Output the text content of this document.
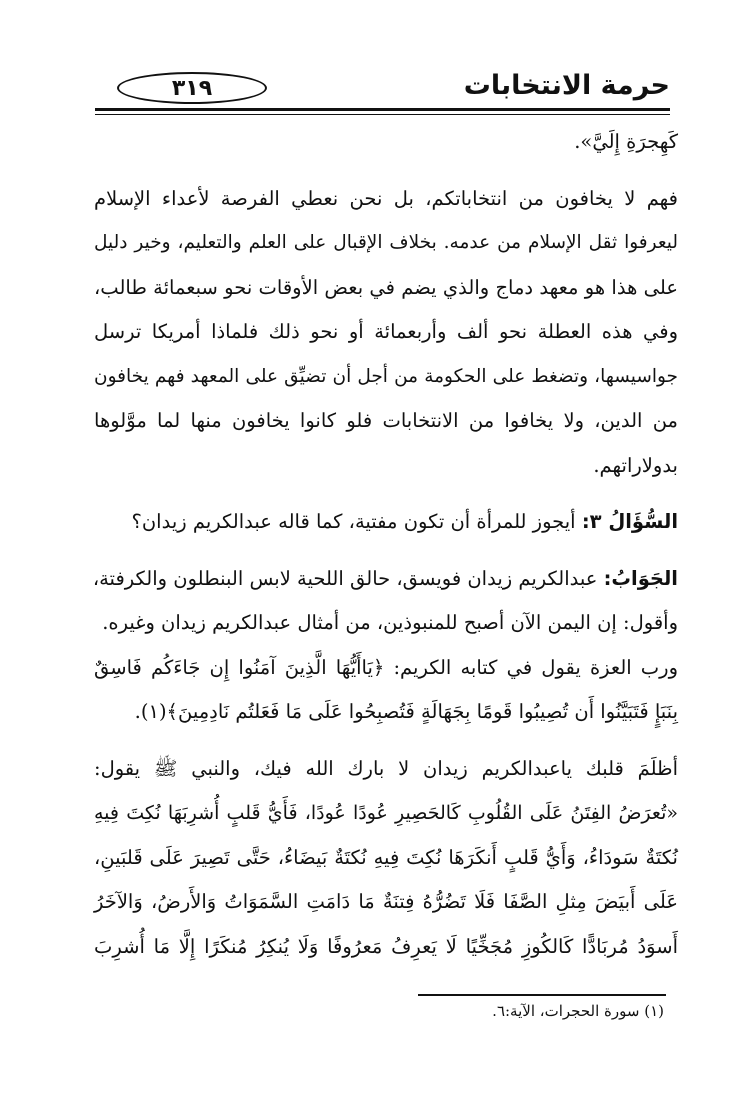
حرمة الانتخابات
٣١٩
كَهِجرَةِ إِلَيَّ».
فهم لا يخافون من انتخاباتكم، بل نحن نعطي الفرصة لأعداء الإسلام
ليعرفوا ثقل الإسلام من عدمه. بخلاف الإقبال على العلم والتعليم، وخير دليل
على هذا هو معهد دماج والذي يضم في بعض الأوقات نحو سبعمائة طالب،
وفي هذه العطلة نحو ألف وأربعمائة أو نحو ذلك فلماذا أمريكا ترسل
جواسيسها، وتضغط على الحكومة من أجل أن تضيِّق على المعهد فهم يخافون
من الدين، ولا يخافوا من الانتخابات فلو كانوا يخافون منها لما موَّلوها
بدولاراتهم.
السُّؤَالُ ٣: أيجوز للمرأة أن تكون مفتية، كما قاله عبدالكريم زيدان؟
الجَوَابُ: عبدالكريم زيدان فويسق، حالق اللحية لابس البنطلون والكرفتة،
وأقول: إن اليمن الآن أصبح للمنبوذين، من أمثال عبدالكريم زيدان وغيره.
ورب العزة يقول في كتابه الكريم: ﴿يَاأَيُّهَا الَّذِينَ آمَنُوا إِن جَاءَكُم فَاسِقٌ
بِنَبَإٍ فَتَبَيَّنُوا أَن تُصِيبُوا قَومًا بِجَهَالَةٍ فَتُصبِحُوا عَلَى مَا فَعَلتُم نَادِمِينَ﴾(١).
أظلَمَ قلبك ياعبدالكريم زيدان لا بارك الله فيك، والنبي ﷺ يقول:
«تُعرَضُ الفِتَنُ عَلَى القُلُوبِ كَالحَصِيرِ عُودًا عُودًا، فَأَيُّ قَلبٍ أُشرِبَهَا نُكِتَ فِيهِ
نُكتَةٌ سَودَاءُ، وَأَيُّ قَلبٍ أَنكَرَهَا نُكِتَ فِيهِ نُكتَةٌ بَيضَاءُ، حَتَّى تَصِيرَ عَلَى قَلبَينِ،
عَلَى أَبيَضَ مِثلِ الصَّفَا فَلَا تَضُرُّهُ فِتنَةٌ مَا دَامَتِ السَّمَوَاتُ وَالأَرضُ، وَالآخَرُ
أَسوَدُ مُربَادًّا كَالكُوزِ مُجَخِّيًا لَا يَعرِفُ مَعرُوفًا وَلَا يُنكِرُ مُنكَرًا إِلَّا مَا أُشرِبَ
(١) سورة الحجرات، الآية:٦.
